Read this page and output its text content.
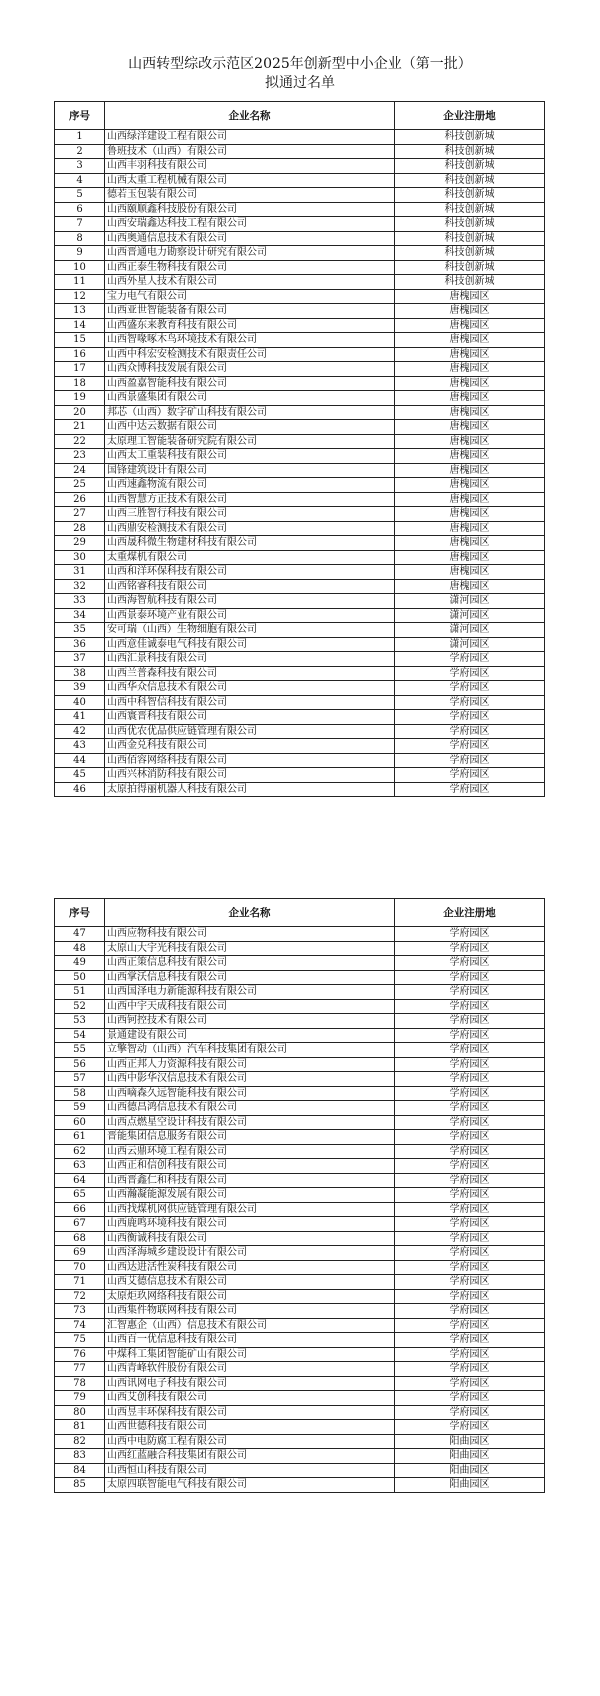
山西转型综改示范区2025年创新型中小企业（第一批）
拟通过名单
序号	企业名称	企业注册地
1	山西绿洋建设工程有限公司	科技创新城
2	鲁班技术（山西）有限公司	科技创新城
3	山西丰羽科技有限公司	科技创新城
4	山西太重工程机械有限公司	科技创新城
5	德若玉包装有限公司	科技创新城
6	山西颐顺鑫科技股份有限公司	科技创新城
7	山西安瑞鑫达科技工程有限公司	科技创新城
8	山西奥通信息技术有限公司	科技创新城
9	山西晋通电力勘察设计研究有限公司	科技创新城
10	山西正泰生物科技有限公司	科技创新城
11	山西外星人技术有限公司	科技创新城
12	宝力电气有限公司	唐槐园区
13	山西亚世智能装备有限公司	唐槐园区
14	山西盛东来教育科技有限公司	唐槐园区
15	山西智喙啄木鸟环境技术有限公司	唐槐园区
16	山西中科宏安检测技术有限责任公司	唐槐园区
17	山西众博科技发展有限公司	唐槐园区
18	山西盈嘉智能科技有限公司	唐槐园区
19	山西景盛集团有限公司	唐槐园区
20	邦芯（山西）数字矿山科技有限公司	唐槐园区
21	山西中达云数据有限公司	唐槐园区
22	太原理工智能装备研究院有限公司	唐槐园区
23	山西太工重装科技有限公司	唐槐园区
24	国锋建筑设计有限公司	唐槐园区
25	山西速鑫物流有限公司	唐槐园区
26	山西智慧方正技术有限公司	唐槐园区
27	山西三胜智行科技有限公司	唐槐园区
28	山西鼎安检测技术有限公司	唐槐园区
29	山西晟科微生物建材科技有限公司	唐槐园区
30	太重煤机有限公司	唐槐园区
31	山西和洋环保科技有限公司	唐槐园区
32	山西铭睿科技有限公司	唐槐园区
33	山西海智航科技有限公司	潇河园区
34	山西景泰环境产业有限公司	潇河园区
35	安可瑞（山西）生物细胞有限公司	潇河园区
36	山西意佳诚泰电气科技有限公司	潇河园区
37	山西汇景科技有限公司	学府园区
38	山西兰普森科技有限公司	学府园区
39	山西华众信息技术有限公司	学府园区
40	山西中科智信科技有限公司	学府园区
41	山西寰晋科技有限公司	学府园区
42	山西优农优品供应链管理有限公司	学府园区
43	山西金兑科技有限公司	学府园区
44	山西佰容网络科技有限公司	学府园区
45	山西兴林消防科技有限公司	学府园区
46	太原拍得丽机器人科技有限公司	学府园区
序号	企业名称	企业注册地
47	山西应物科技有限公司	学府园区
48	太原山大宇光科技有限公司	学府园区
49	山西正策信息科技有限公司	学府园区
50	山西掌沃信息科技有限公司	学府园区
51	山西国泽电力新能源科技有限公司	学府园区
52	山西中宇天成科技有限公司	学府园区
53	山西钶控技术有限公司	学府园区
54	景通建设有限公司	学府园区
55	立擎智动（山西）汽车科技集团有限公司	学府园区
56	山西正邦人力资源科技有限公司	学府园区
57	山西中影华汉信息技术有限公司	学府园区
58	山西嘀森久远智能科技有限公司	学府园区
59	山西德昌鸿信息技术有限公司	学府园区
60	山西点燃星空设计科技有限公司	学府园区
61	晋能集团信息服务有限公司	学府园区
62	山西云鼎环境工程有限公司	学府园区
63	山西正和信创科技有限公司	学府园区
64	山西晋鑫仁和科技有限公司	学府园区
65	山西瀚凝能源发展有限公司	学府园区
66	山西找煤机网供应链管理有限公司	学府园区
67	山西鹿鸣环境科技有限公司	学府园区
68	山西衡诚科技有限公司	学府园区
69	山西泽海城乡建设设计有限公司	学府园区
70	山西达进活性炭科技有限公司	学府园区
71	山西艾德信息技术有限公司	学府园区
72	太原炬玖网络科技有限公司	学府园区
73	山西集件物联网科技有限公司	学府园区
74	汇智惠企（山西）信息技术有限公司	学府园区
75	山西百一优信息科技有限公司	学府园区
76	中煤科工集团智能矿山有限公司	学府园区
77	山西青峰软件股份有限公司	学府园区
78	山西讯网电子科技有限公司	学府园区
79	山西艾创科技有限公司	学府园区
80	山西昱丰环保科技有限公司	学府园区
81	山西世德科技有限公司	学府园区
82	山西中电防腐工程有限公司	阳曲园区
83	山西红蓝融合科技集团有限公司	阳曲园区
84	山西恒山科技有限公司	阳曲园区
85	太原四联智能电气科技有限公司	阳曲园区
